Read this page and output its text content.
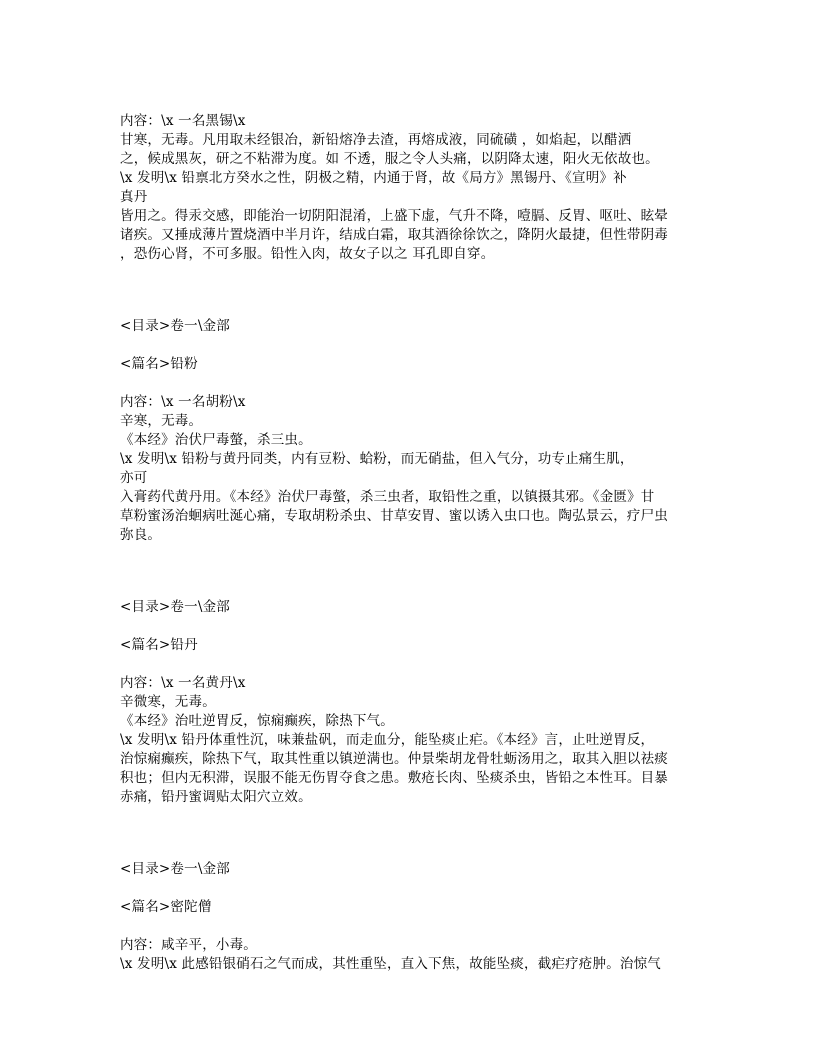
内容：\x 一名黑锡\x
甘寒，无毒。凡用取未经银冶，新铅熔净去渣，再熔成液，同硫磺 ，如焰起，以醋洒
之，候成黑灰，研之不粘滞为度。如 不透，服之令人头痛，以阴降太速，阳火无依故也。
\x 发明\x 铅禀北方癸水之性，阴极之精，内通于肾，故《局方》黑锡丹、《宣明》补
真丹
皆用之。得汞交感，即能治一切阴阳混淆，上盛下虚，气升不降，噎膈、反胃、呕吐、眩晕
诸疾。又捶成薄片置烧酒中半月许，结成白霜，取其酒徐徐饮之，降阴火最捷，但性带阴毒
，恐伤心肾，不可多服。铅性入肉，故女子以之 耳孔即自穿。
<目录>卷一\金部
<篇名>铅粉
内容：\x 一名胡粉\x
辛寒，无毒。
《本经》治伏尸毒螫，杀三虫。
\x 发明\x 铅粉与黄丹同类，内有豆粉、蛤粉，而无硝盐，但入气分，功专止痛生肌，
亦可
入膏药代黄丹用。《本经》治伏尸毒螫，杀三虫者，取铅性之重，以镇摄其邪。《金匮》甘
草粉蜜汤治蛔病吐涎心痛，专取胡粉杀虫、甘草安胃、蜜以诱入虫口也。陶弘景云，疗尸虫
弥良。
<目录>卷一\金部
<篇名>铅丹
内容：\x 一名黄丹\x
辛微寒，无毒。
《本经》治吐逆胃反，惊痫癫疾，除热下气。
\x 发明\x 铅丹体重性沉，味兼盐矾，而走血分，能坠痰止疟。《本经》言，止吐逆胃反，
治惊痫癫疾，除热下气，取其性重以镇逆满也。仲景柴胡龙骨牡蛎汤用之，取其入胆以祛痰
积也；但内无积滞，误服不能无伤胃夺食之患。敷疮长肉、坠痰杀虫，皆铅之本性耳。目暴
赤痛，铅丹蜜调贴太阳穴立效。
<目录>卷一\金部
<篇名>密陀僧
内容：咸辛平，小毒。
\x 发明\x 此感铅银硝石之气而成，其性重坠，直入下焦，故能坠痰，截疟疗疮肿。治惊气
